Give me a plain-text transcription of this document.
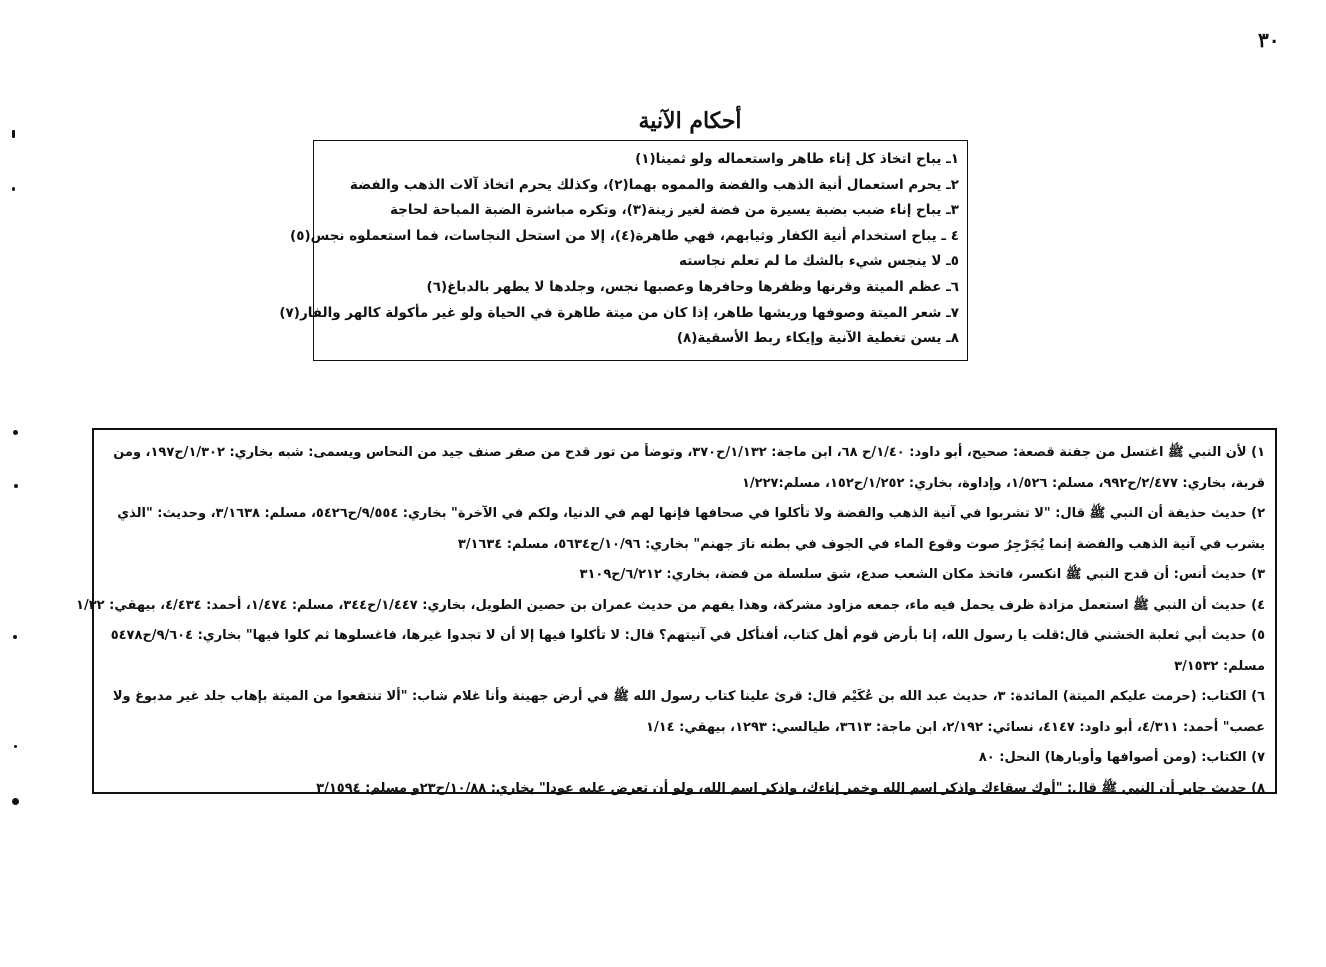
٣٠
أحكام الآنية
١ـ يباح اتخاذ كل إناء طاهر واستعماله ولو ثمينا(١)
٢ـ يحرم استعمال أنية الذهب والفضة والمموه بهما(٢)، وكذلك يحرم اتخاذ آلات الذهب والفضة
٣ـ يباح إناء ضبب بضبة يسيرة من فضة لغير زينة(٣)، وتكره مباشرة الضبة المباحة لحاجة
٤ ـ يباح استخدام أنية الكفار وثيابهم، فهي طاهرة(٤)، إلا من استحل النجاسات، فما استعملوه نجس(٥)
٥ـ لا ينجس شيء بالشك ما لم تعلم نجاسته
٦ـ عظم الميتة وقرنها وظفرها وحافرها وعصبها نجس، وجلدها لا يطهر بالدباغ(٦)
٧ـ شعر الميتة وصوفها وريشها طاهر، إذا كان من ميتة طاهرة في الحياة ولو غير مأكولة كالهر والفار(٧)
٨ـ يسن تغطية الآنية وإيكاء ربط الأسقية(٨)
١) لأن النبي ﷺ اغتسل من جفنة قصعة: صحيح، أبو داود: ١/٤٠/ح ٦٨، ابن ماجة: ١/١٣٢/ح٣٧٠، وتوضأ من تور قدح من صفر صنف جيد من النحاس ويسمى: شبه بخاري: ١/٣٠٢/ح١٩٧، ومن
قربة، بخاري: ٢/٤٧٧/ح٩٩٢، مسلم: ١/٥٢٦، وإداوة، بخاري: ١/٢٥٢/ح١٥٢، مسلم:١/٢٢٧
٢) حديث حذيفة أن النبي ﷺ قال: "لا تشربوا في آنية الذهب والفضة ولا تأكلوا في صحافها فإنها لهم في الدنيا، ولكم في الآخرة" بخاري: ٩/٥٥٤/ح٥٤٢٦، مسلم: ٣/١٦٣٨، وحديث: "الذي
يشرب في آنية الذهب والفضة إنما يُجَرْجِرُ صوت وقوع الماء في الجوف في بطنه نارَ جهنم" بخاري: ١٠/٩٦/ح٥٦٣٤، مسلم: ٣/١٦٣٤
٣) حديث أنس: أن قدح النبي ﷺ انكسر، فاتخذ مكان الشعب صدع، شق سلسلة من فضة، بخاري: ٦/٢١٢/ح٣١٠٩
٤) حديث أن النبي ﷺ استعمل مزادة ظرف يحمل فيه ماء، جمعه مزاود مشركة، وهذا يفهم من حديث عمران بن حصين الطويل، بخاري: ١/٤٤٧/ح٣٤٤، مسلم: ١/٤٧٤، أحمد: ٤/٤٣٤، بيهقي: ١/٣٢
٥) حديث أبي ثعلبة الخشني قال:قلت يا رسول الله، إنا بأرض قوم أهل كتاب، أفنأكل في آنيتهم؟ قال: لا تأكلوا فيها إلا أن لا تجدوا غيرها، فاغسلوها ثم كلوا فيها" بخاري: ٩/٦٠٤/ح٥٤٧٨
مسلم: ٣/١٥٣٢
٦) الكتاب: (حرمت عليكم الميتة) المائدة: ٣، حديث عبد الله بن عُكَيْم قال: قرئ علينا كتاب رسول الله ﷺ في أرض جهينة وأنا غلام شاب: "ألا تنتفعوا من الميتة بإهاب جلد غير مدبوغ ولا
عصب" أحمد: ٤/٣١١، أبو داود: ٤١٤٧، نسائي: ٢/١٩٢، ابن ماجة: ٣٦١٣، طيالسي: ١٢٩٣، بيهقي: ١/١٤
٧) الكتاب: (ومن أصوافها وأوبارها) النحل: ٨٠
٨) حديث جابر أن النبي ﷺ قال: "أوك سقاءك واذكر اسم الله وخمر إناءك، واذكر اسم الله، ولو أن تعرض عليه عودا" بخاري: ١٠/٨٨/ح٢٣و مسلم: ٣/١٥٩٤
